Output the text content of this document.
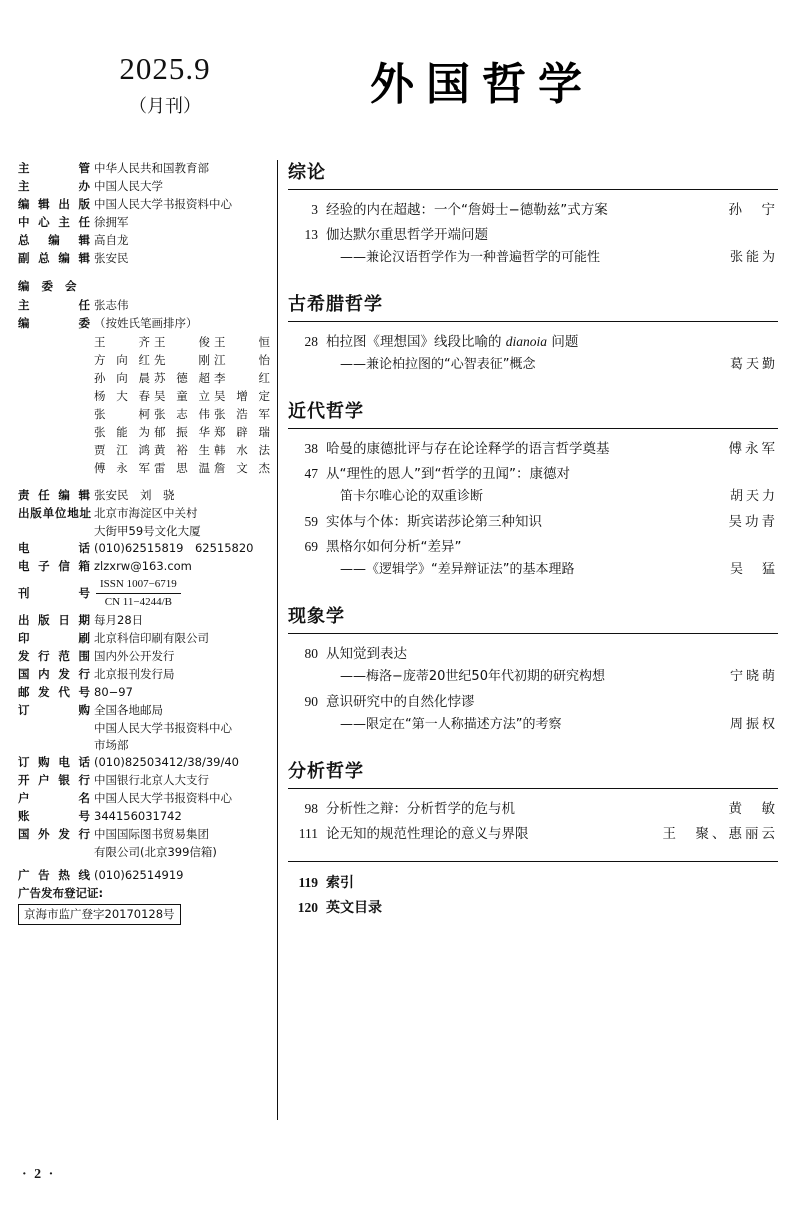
2025.9
（月刊）	外国哲学
主　　管 中华人民共和国教育部
主　　办 中国人民大学
编辑出版 中国人民大学书报资料中心
中心主任 徐拥军
总 编 辑 高自龙
副总编辑 张安民
编 委 会
主　　任 张志伟
编　　委 （按姓氏笔画排序）
王　齐 王　俊 王　恒
方向红 先　刚 江　怡
孙向晨 苏德超 李　红
杨大春 吴童立 吴增定
张　柯 张志伟 张浩军
张能为 郁振华 郑辟瑞
贾江鸿 黄裕生 韩水法
傅永军 雷思温 詹文杰
责任编辑 张安民　刘　骁
出版单位地址 北京市海淀区中关村
大街甲59号文化大厦
电　　话 (010)62515819　62515820
电子信箱 zlzxrw@163.com
刊　 号
ISSN 1007−6719
CN 11−4244/B
出版日期 每月28日
印　　刷 北京科信印刷有限公司
发行范围 国内外公开发行
国内发行 北京报刊发行局
邮发代号 80−97
订　　购 全国各地邮局
中国人民大学书报资料中心
市场部
订购电话 (010)82503412/38/39/40
开户银行 中国银行北京人大支行
户　　名 中国人民大学书报资料中心
账　　号 344156031742
国外发行 中国国际图书贸易集团
有限公司(北京399信箱)
广告热线 (010)62514919
广告发布登记证:
京海市监广登字20170128号
综论
3 经验的内在超越：一个“詹姆士−德勒兹”式方案	孙　宁
13 伽达默尔重思哲学开端问题
——兼论汉语哲学作为一种普遍哲学的可能性	张能为
古希腊哲学
28 柏拉图《理想国》线段比喻的 dianoia 问题
——兼论柏拉图的“心智表征”概念	葛天勤
近代哲学
38 哈曼的康德批评与存在论诠释学的语言哲学奠基	傅永军
47 从“理性的恩人”到“哲学的丑闻”：康德对
笛卡尔唯心论的双重诊断	胡天力
59 实体与个体：斯宾诺莎论第三种知识	吴功青
69 黑格尔如何分析“差异”
——《逻辑学》“差异辩证法”的基本理路	吴　猛
现象学
80 从知觉到表达
——梅洛−庞蒂20世纪50年代初期的研究构想	宁晓萌
90 意识研究中的自然化悖谬
——限定在“第一人称描述方法”的考察	周振权
分析哲学
98 分析性之辩：分析哲学的危与机	黄　敏
111 论无知的规范性理论的意义与界限	王　聚、惠丽云
119 索引
120 英文目录
· 2 ·
